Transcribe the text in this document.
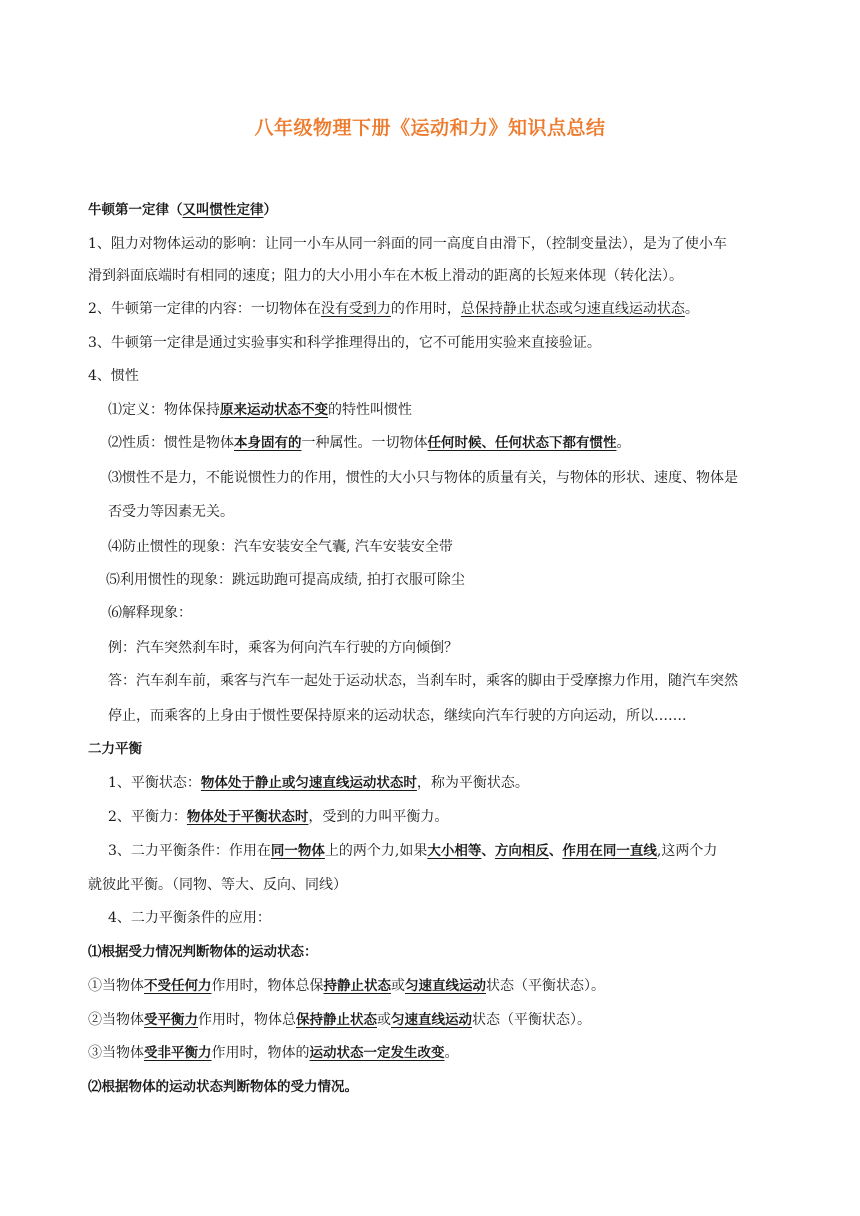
八年级物理下册《运动和力》知识点总结
牛顿第一定律（又叫惯性定律）
1、阻力对物体运动的影响：让同一小车从同一斜面的同一高度自由滑下，（控制变量法），是为了使小车
滑到斜面底端时有相同的速度；阻力的大小用小车在木板上滑动的距离的长短来体现（转化法）。
2、牛顿第一定律的内容：一切物体在没有受到力的作用时，总保持静止状态或匀速直线运动状态。
3、牛顿第一定律是通过实验事实和科学推理得出的，它不可能用实验来直接验证。
4、惯性
⑴定义：物体保持原来运动状态不变的特性叫惯性
⑵性质：惯性是物体本身固有的一种属性。一切物体任何时候、任何状态下都有惯性。
⑶惯性不是力，不能说惯性力的作用，惯性的大小只与物体的质量有关，与物体的形状、速度、物体是
否受力等因素无关。
⑷防止惯性的现象：汽车安装安全气囊, 汽车安装安全带
⑸利用惯性的现象：跳远助跑可提高成绩, 拍打衣服可除尘
⑹解释现象：
例：汽车突然刹车时，乘客为何向汽车行驶的方向倾倒？
答：汽车刹车前，乘客与汽车一起处于运动状态，当刹车时，乘客的脚由于受摩擦力作用，随汽车突然
停止，而乘客的上身由于惯性要保持原来的运动状态，继续向汽车行驶的方向运动，所以…….
二力平衡
1、平衡状态：物体处于静止或匀速直线运动状态时，称为平衡状态。
2、平衡力：物体处于平衡状态时，受到的力叫平衡力。
3、二力平衡条件：作用在同一物体上的两个力,如果大小相等、方向相反、作用在同一直线,这两个力
就彼此平衡。（同物、等大、反向、同线）
4、二力平衡条件的应用：
⑴根据受力情况判断物体的运动状态：
①当物体不受任何力作用时，物体总保持静止状态或匀速直线运动状态（平衡状态）。
②当物体受平衡力作用时，物体总保持静止状态或匀速直线运动状态（平衡状态）。
③当物体受非平衡力作用时，物体的运动状态一定发生改变。
⑵根据物体的运动状态判断物体的受力情况。
